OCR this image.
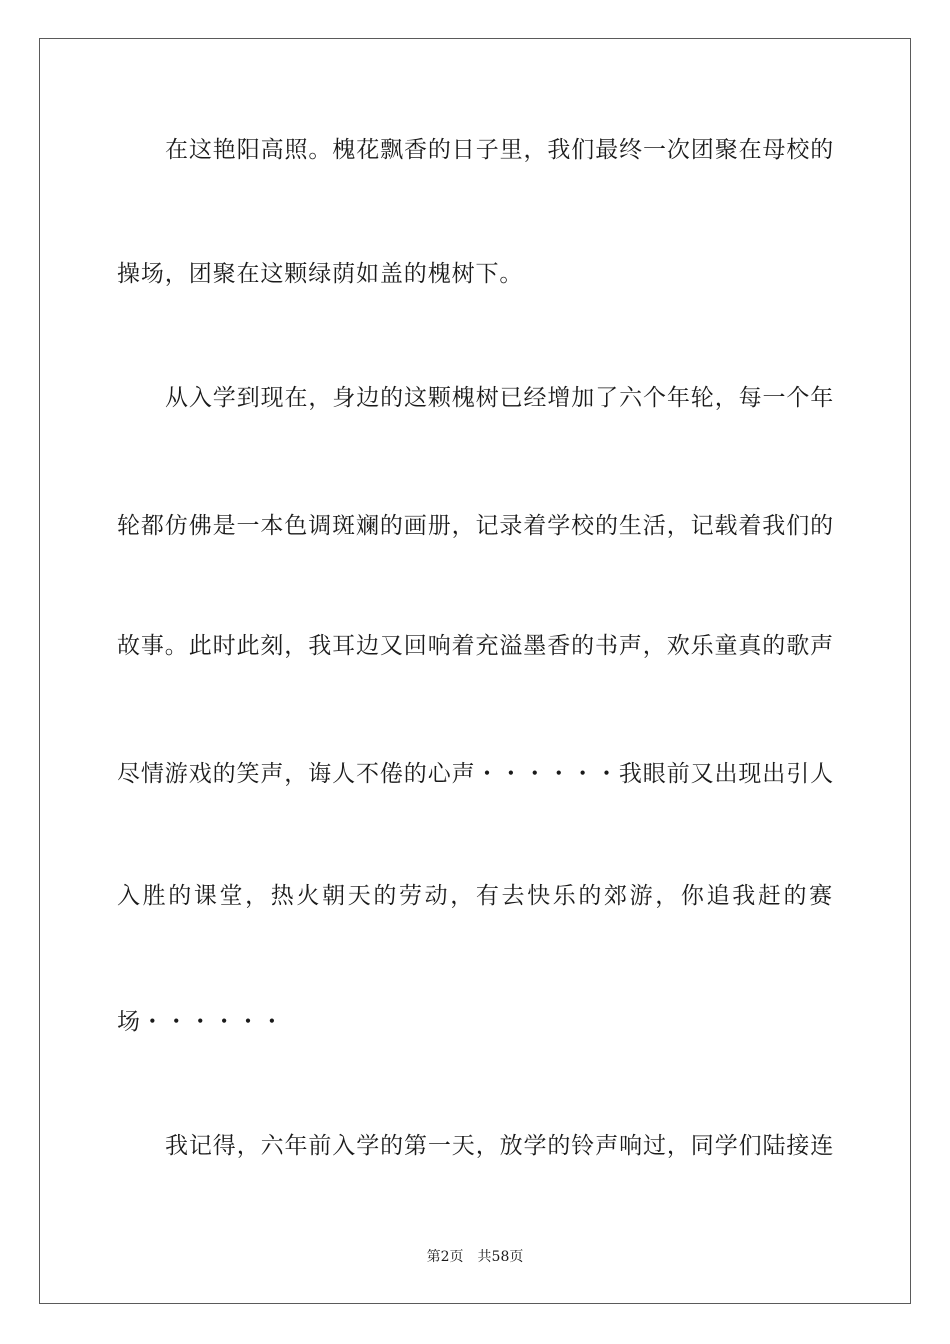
在这艳阳高照。槐花飘香的日子里，我们最终一次团聚在母校的
操场，团聚在这颗绿荫如盖的槐树下。
从入学到现在，身边的这颗槐树已经增加了六个年轮，每一个年
轮都仿佛是一本色调斑斓的画册，记录着学校的生活，记载着我们的
故事。此时此刻，我耳边又回响着充溢墨香的书声，欢乐童真的歌声
尽情游戏的笑声，诲人不倦的心声・・・・・・我眼前又出现出引人
入胜的课堂，热火朝天的劳动，有去快乐的郊游，你追我赶的赛
场・・・・・・
我记得，六年前入学的第一天，放学的铃声响过，同学们陆接连
第2页 共58页
